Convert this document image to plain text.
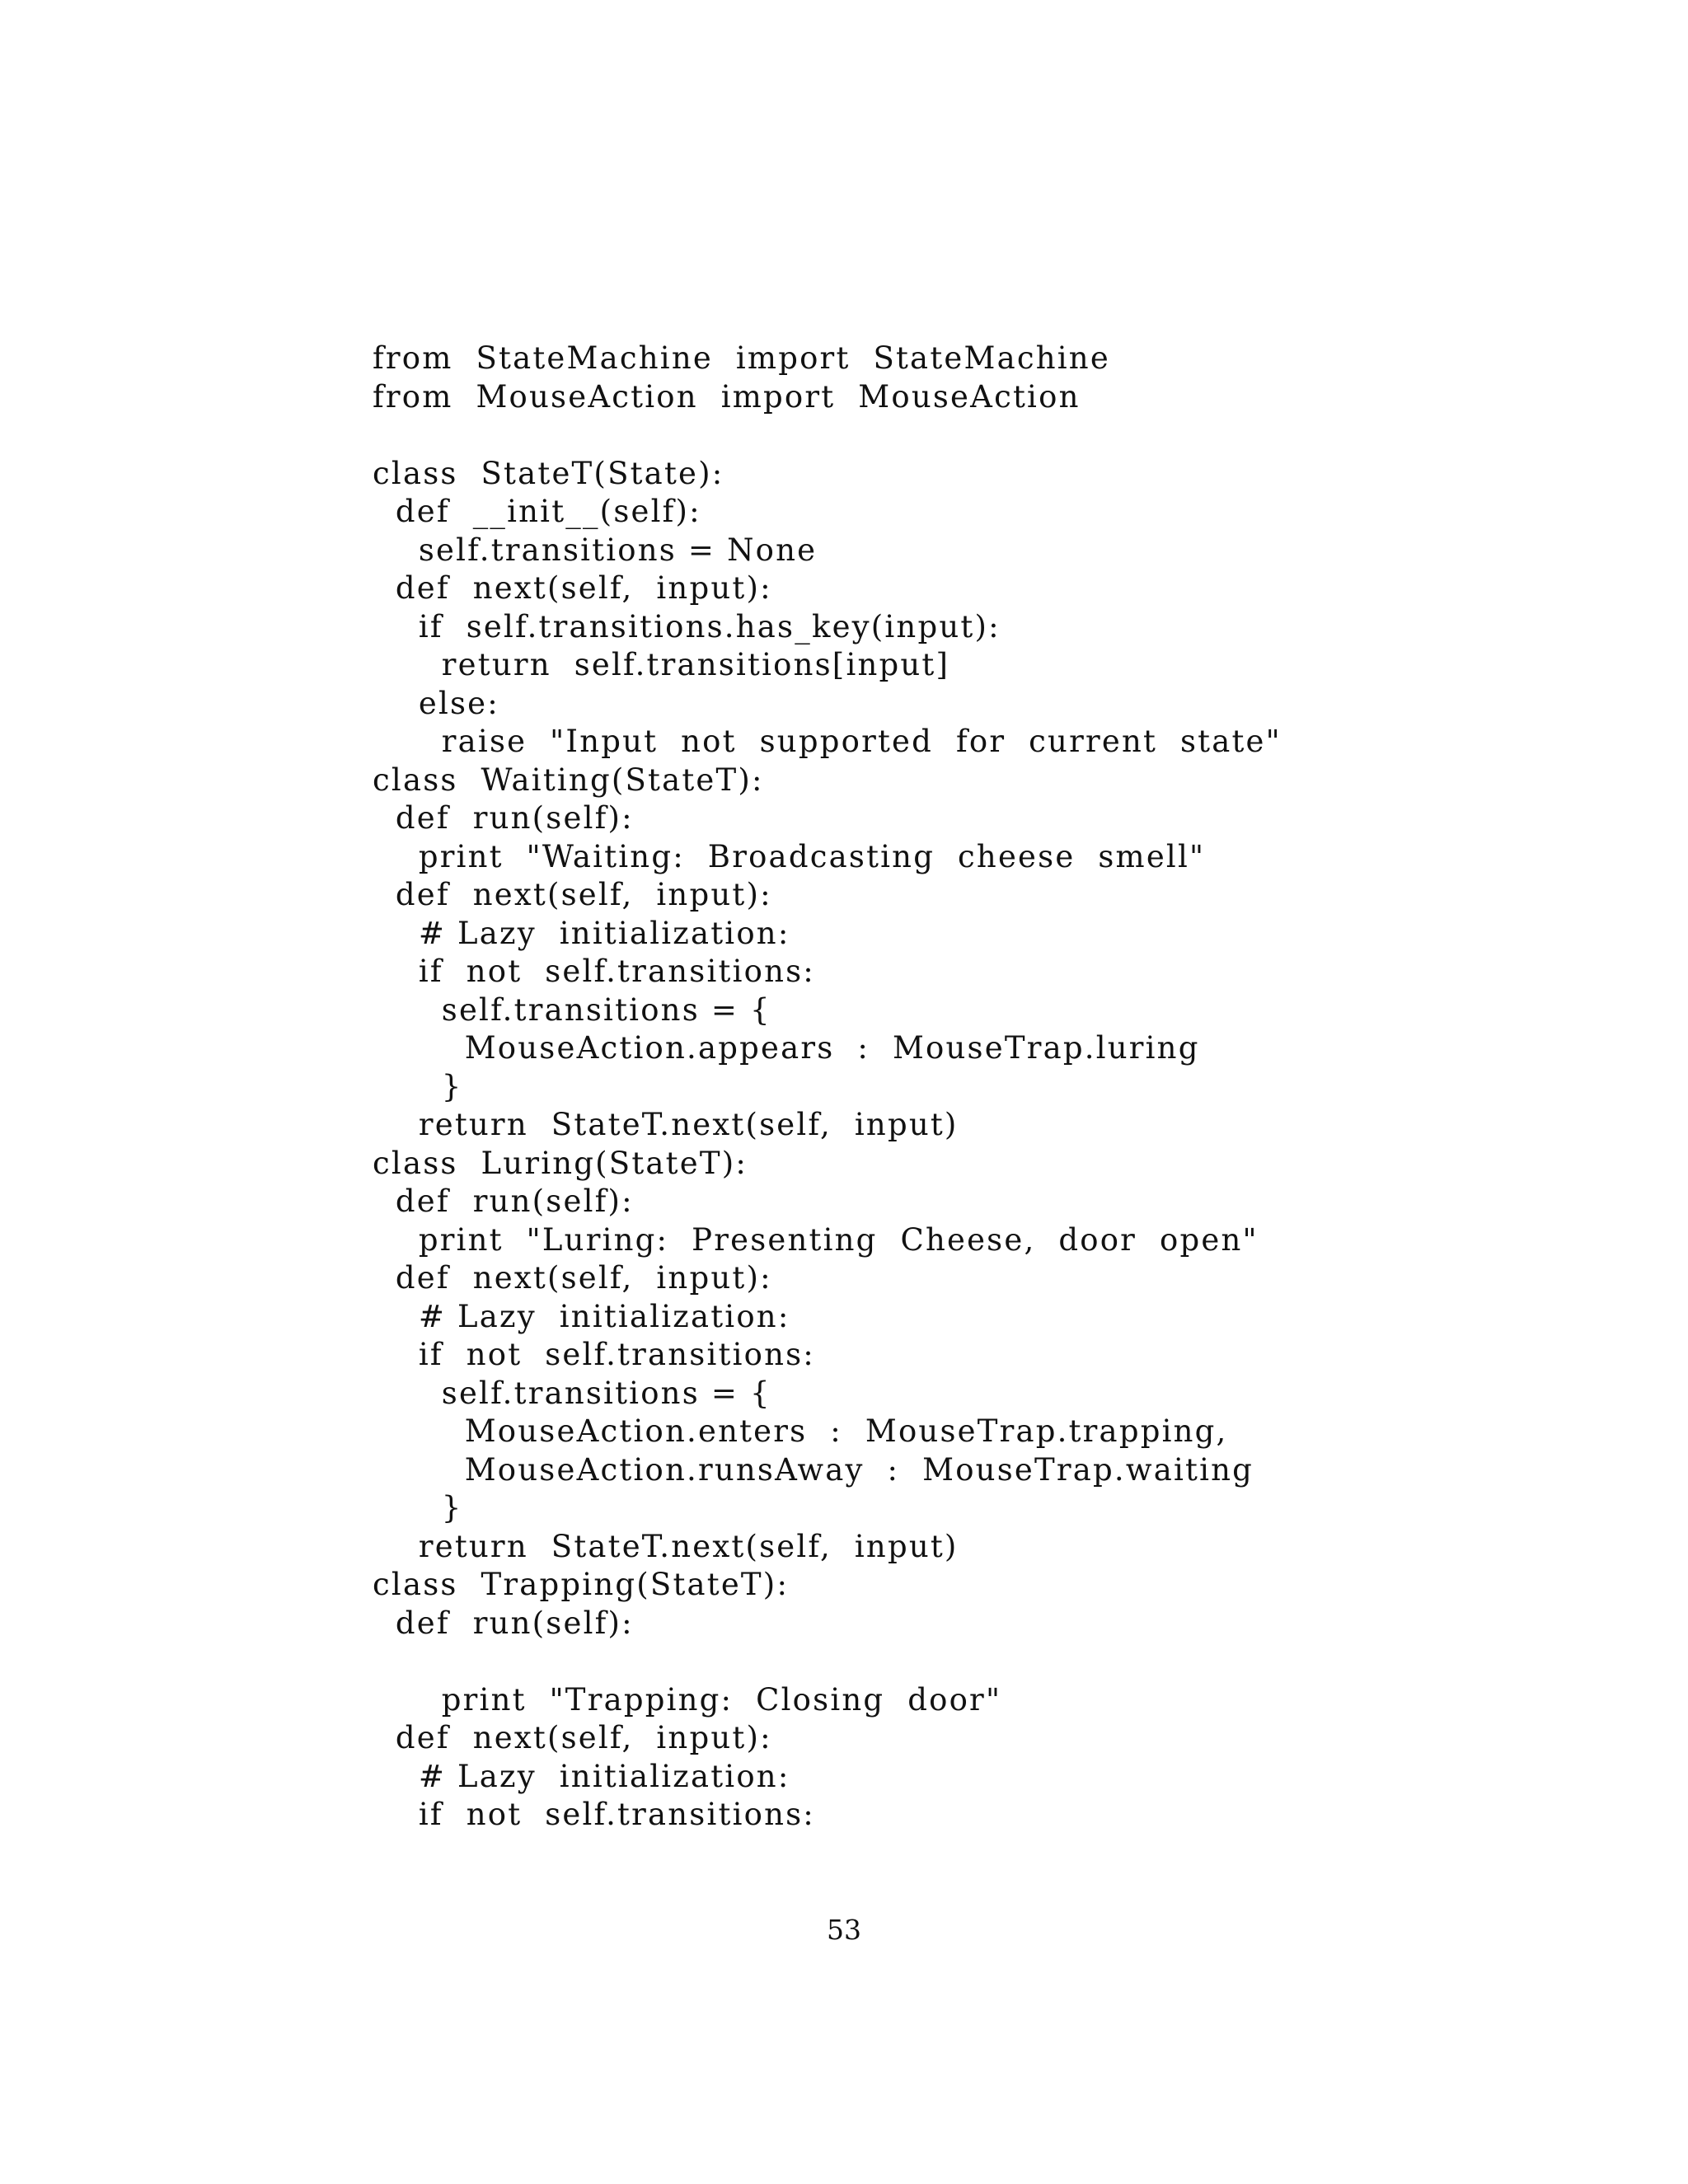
from  StateMachine  import  StateMachine
from  MouseAction  import  MouseAction
class  StateT(State):
def  __init__(self):
self.transitions = None
def  next(self,  input):
if  self.transitions.has_key(input):
return  self.transitions[input]
else:
raise  "Input  not  supported  for  current  state"
class  Waiting(StateT):
def  run(self):
print  "Waiting:  Broadcasting  cheese  smell"
def  next(self,  input):
# Lazy  initialization:
if  not  self.transitions:
self.transitions = {
MouseAction.appears  :  MouseTrap.luring
}
return  StateT.next(self,  input)
class  Luring(StateT):
def  run(self):
print  "Luring:  Presenting  Cheese,  door  open"
def  next(self,  input):
# Lazy  initialization:
if  not  self.transitions:
self.transitions = {
MouseAction.enters  :  MouseTrap.trapping,
MouseAction.runsAway  :  MouseTrap.waiting
}
return  StateT.next(self,  input)
class  Trapping(StateT):
def  run(self):
print  "Trapping:  Closing  door"
def  next(self,  input):
# Lazy  initialization:
if  not  self.transitions:
53
